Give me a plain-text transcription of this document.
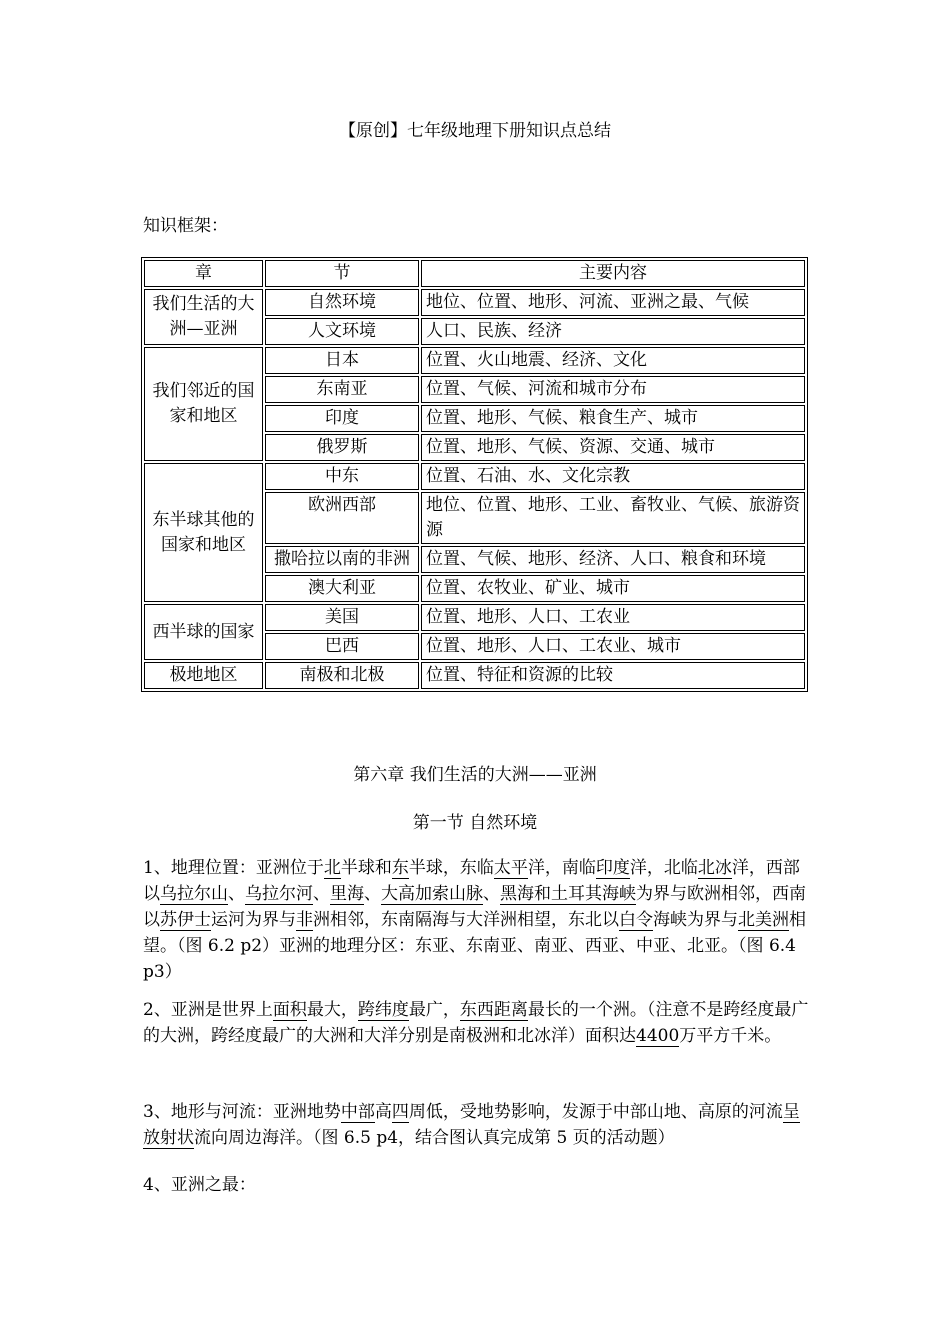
【原创】七年级地理下册知识点总结
知识框架：
章	节	主要内容
我们生活的大洲—亚洲	自然环境	地位、位置、地形、河流、亚洲之最、气候
	人文环境	人口、民族、经济
我们邻近的国家和地区	日本	位置、火山地震、经济、文化
	东南亚	位置、气候、河流和城市分布
	印度	位置、地形、气候、粮食生产、城市
	俄罗斯	位置、地形、气候、资源、交通、城市
东半球其他的国家和地区	中东	位置、石油、水、文化宗教
	欧洲西部	地位、位置、地形、工业、畜牧业、气候、旅游资源
	撒哈拉以南的非洲	位置、气候、地形、经济、人口、粮食和环境
	澳大利亚	位置、农牧业、矿业、城市
西半球的国家	美国	位置、地形、人口、工农业
	巴西	位置、地形、人口、工农业、城市
极地地区	南极和北极	位置、特征和资源的比较
第六章 我们生活的大洲——亚洲
第一节 自然环境
1、地理位置：亚洲位于北半球和东半球，东临太平洋，南临印度洋，北临北冰洋，西部以乌拉尔山、乌拉尔河、里海、大高加索山脉、黑海和土耳其海峡为界与欧洲相邻，西南以苏伊士运河为界与非洲相邻，东南隔海与大洋洲相望，东北以白令海峡为界与北美洲相望。（图 6.2 p2）亚洲的地理分区：东亚、东南亚、南亚、西亚、中亚、北亚。（图 6.4 p3）
2、亚洲是世界上面积最大，跨纬度最广，东西距离最长的一个洲。（注意不是跨经度最广的大洲，跨经度最广的大洲和大洋分别是南极洲和北冰洋）面积达4400万平方千米。
3、地形与河流：亚洲地势中部高四周低，受地势影响，发源于中部山地、高原的河流呈放射状流向周边海洋。（图 6.5 p4，结合图认真完成第 5 页的活动题）
4、亚洲之最：
